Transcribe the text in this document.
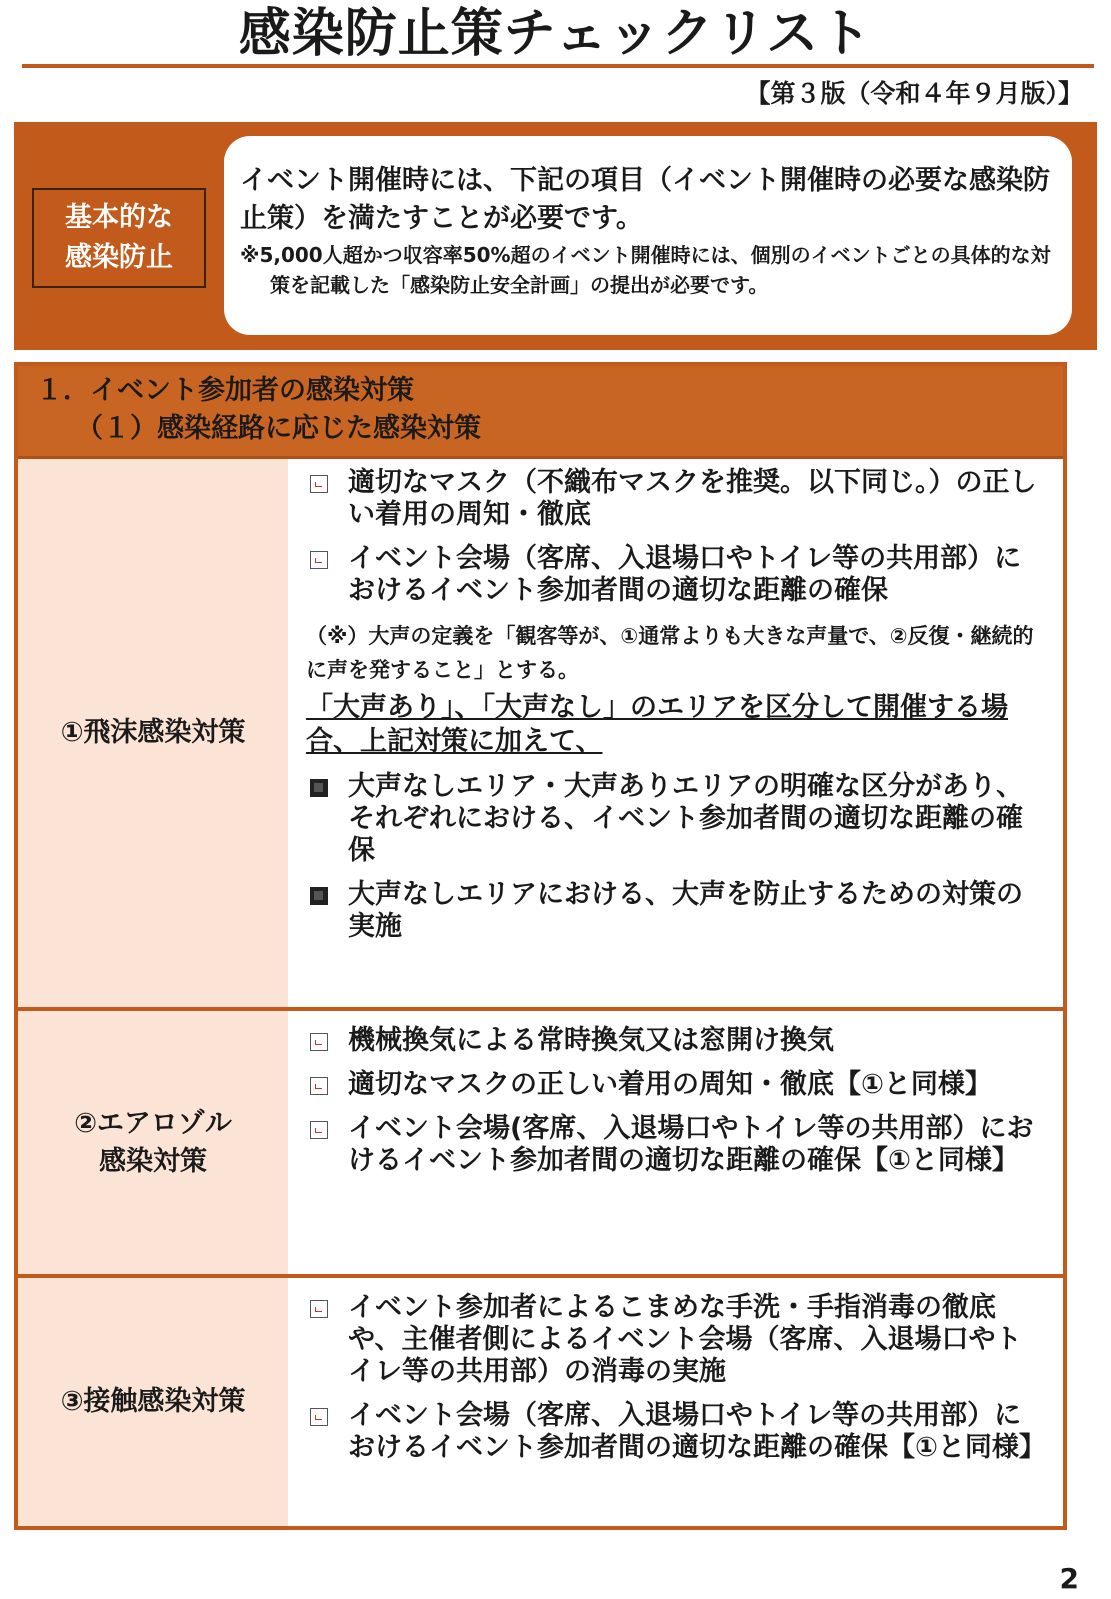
感染防止策チェックリスト
【第３版（令和４年９月版）】
基本的な
感染防止
イベント開催時には、下記の項目（イベント開催時の必要な感染防止策）を満たすことが必要です。
※5,000人超かつ収容率50%超のイベント開催時には、個別のイベントごとの具体的な対策を記載した「感染防止安全計画」の提出が必要です。
１．イベント参加者の感染対策
（１）感染経路に応じた感染対策
①飛沫感染対策
適切なマスク（不織布マスクを推奨。以下同じ。）の正しい着用の周知・徹底
イベント会場（客席、入退場口やトイレ等の共用部）におけるイベント参加者間の適切な距離の確保
（※）大声の定義を「観客等が、①通常よりも大きな声量で、②反復・継続的に声を発すること」とする。
「大声あり」、「大声なし」のエリアを区分して開催する場合、上記対策に加えて、
大声なしエリア・大声ありエリアの明確な区分があり、それぞれにおける、イベント参加者間の適切な距離の確保
大声なしエリアにおける、大声を防止するための対策の実施
②エアロゾル
感染対策
機械換気による常時換気又は窓開け換気
適切なマスクの正しい着用の周知・徹底【①と同様】
イベント会場(客席、入退場口やトイレ等の共用部）におけるイベント参加者間の適切な距離の確保【①と同様】
③接触感染対策
イベント参加者によるこまめな手洗・手指消毒の徹底や、主催者側によるイベント会場（客席、入退場口やトイレ等の共用部）の消毒の実施
イベント会場（客席、入退場口やトイレ等の共用部）におけるイベント参加者間の適切な距離の確保【①と同様】
2
